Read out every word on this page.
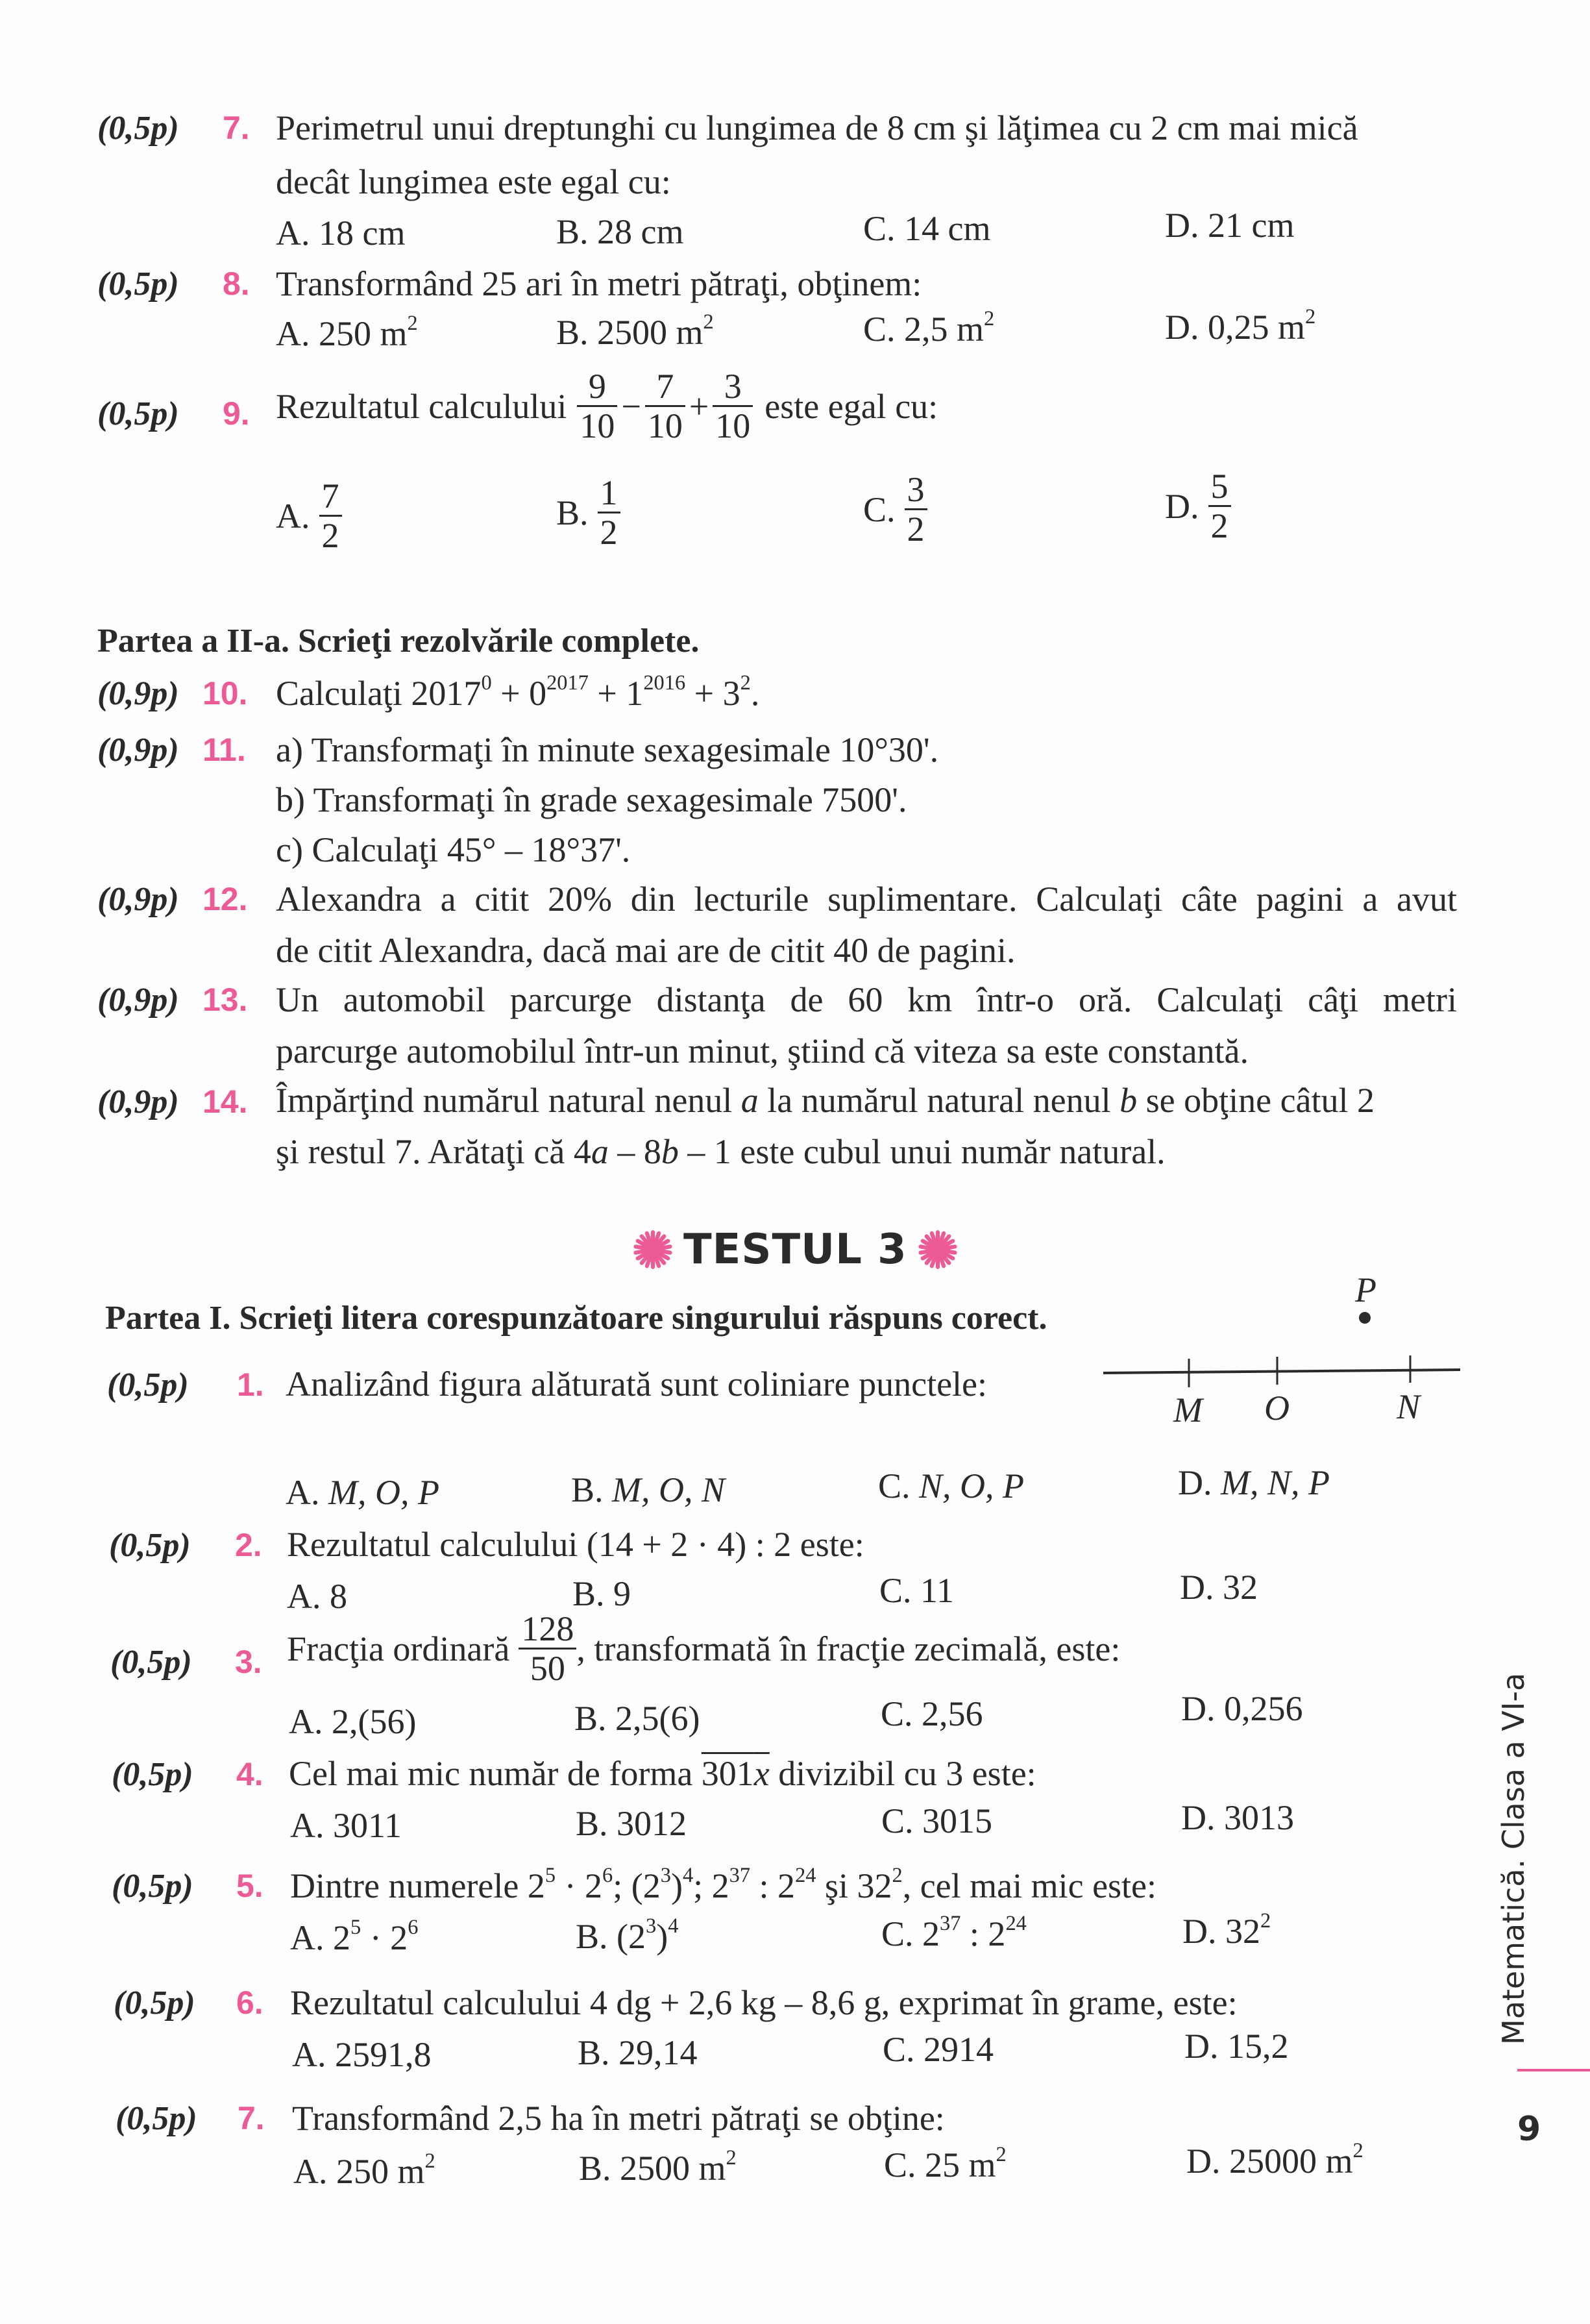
(0,5p) 7. Perimetrul unui dreptunghi cu lungimea de 8 cm şi lăţimea cu 2 cm mai mică
decât lungimea este egal cu:
A. 18 cm	B. 28 cm	C. 14 cm	D. 21 cm
(0,5p) 8. Transformând 25 ari în metri pătraţi, obţinem:
A. 250 $m^2$	B. 2500 $m^2$	C. 2,5 $m^2$	D. 0,25 $m^2$
(0,5p) 9. Rezultatul calculului $\frac{9}{10} - \frac{7}{10} + \frac{3}{10}$ este egal cu:
A. $\frac{7}{2}$	B. $\frac{1}{2}$	C. $\frac{3}{2}$	D. $\frac{5}{2}$
Partea a II-a. Scrieţi rezolvările complete.
(0,9p) 10. Calculaţi $2017^0 + 0^{2017} + 1^{2016} + 3^2$.
(0,9p) 11. a) Transformaţi în minute sexagesimale 10°30'.
b) Transformaţi în grade sexagesimale 7500'.
c) Calculaţi 45° – 18°37'.
(0,9p) 12. Alexandra a citit 20% din lecturile suplimentare. Calculaţi câte pagini a avut
de citit Alexandra, dacă mai are de citit 40 de pagini.
(0,9p) 13. Un automobil parcurge distanţa de 60 km într-o oră. Calculaţi câţi metri
parcurge automobilul într-un minut, ştiind că viteza sa este constantă.
(0,9p) 14. Împărţind numărul natural nenul a la numărul natural nenul b se obţine câtul 2
şi restul 7. Arătaţi că 4a – 8b – 1 este cubul unui număr natural.
TESTUL 3
Partea I. Scrieţi litera corespunzătoare singurului răspuns corect.
P
M O	N
(0,5p) 1. Analizând figura alăturată sunt coliniare punctele:
A. M, O, P	B. M, O, N	C. N, O, P	D. M, N, P
(0,5p) 2. Rezultatul calculului (14 + 2 · 4) : 2 este:
A. 8	B. 9	C. 11	D. 32
(0,5p) 3. Fracţia ordinară $\frac{128}{50}$ , transformată în fracţie zecimală, este:
A. 2,(56)	B. 2,5(6)	C. 2,56	D. 0,256
(0,5p) 4. Cel mai mic număr de forma 301x divizibil cu 3 este:
A. 3011	B. 3012	C. 3015	D. 3013
(0,5p) 5. Dintre numerele $2^5 \cdot 2^6$; $(2^3)^4$; $2^{37}$ : $2^{24}$ şi $32^2$, cel mai mic este:
A. $2^5 \cdot 2^6$	B. $(2^3)^4$	C. $2^{37}$ : $2^{24}$	D. $32^2$
(0,5p) 6. Rezultatul calculului 4 dg + 2,6 kg – 8,6 g, exprimat în grame, este:
A. 2591,8	B. 29,14	C. 2914	D. 15,2
(0,5p) 7. Transformând 2,5 ha în metri pătraţi se obţine:
A. 250 $m^2$	B. 2500 $m^2$	C. 25 $m^2$	D. 25000 $m^2$
Matematică. Clasa a VI-a
9
